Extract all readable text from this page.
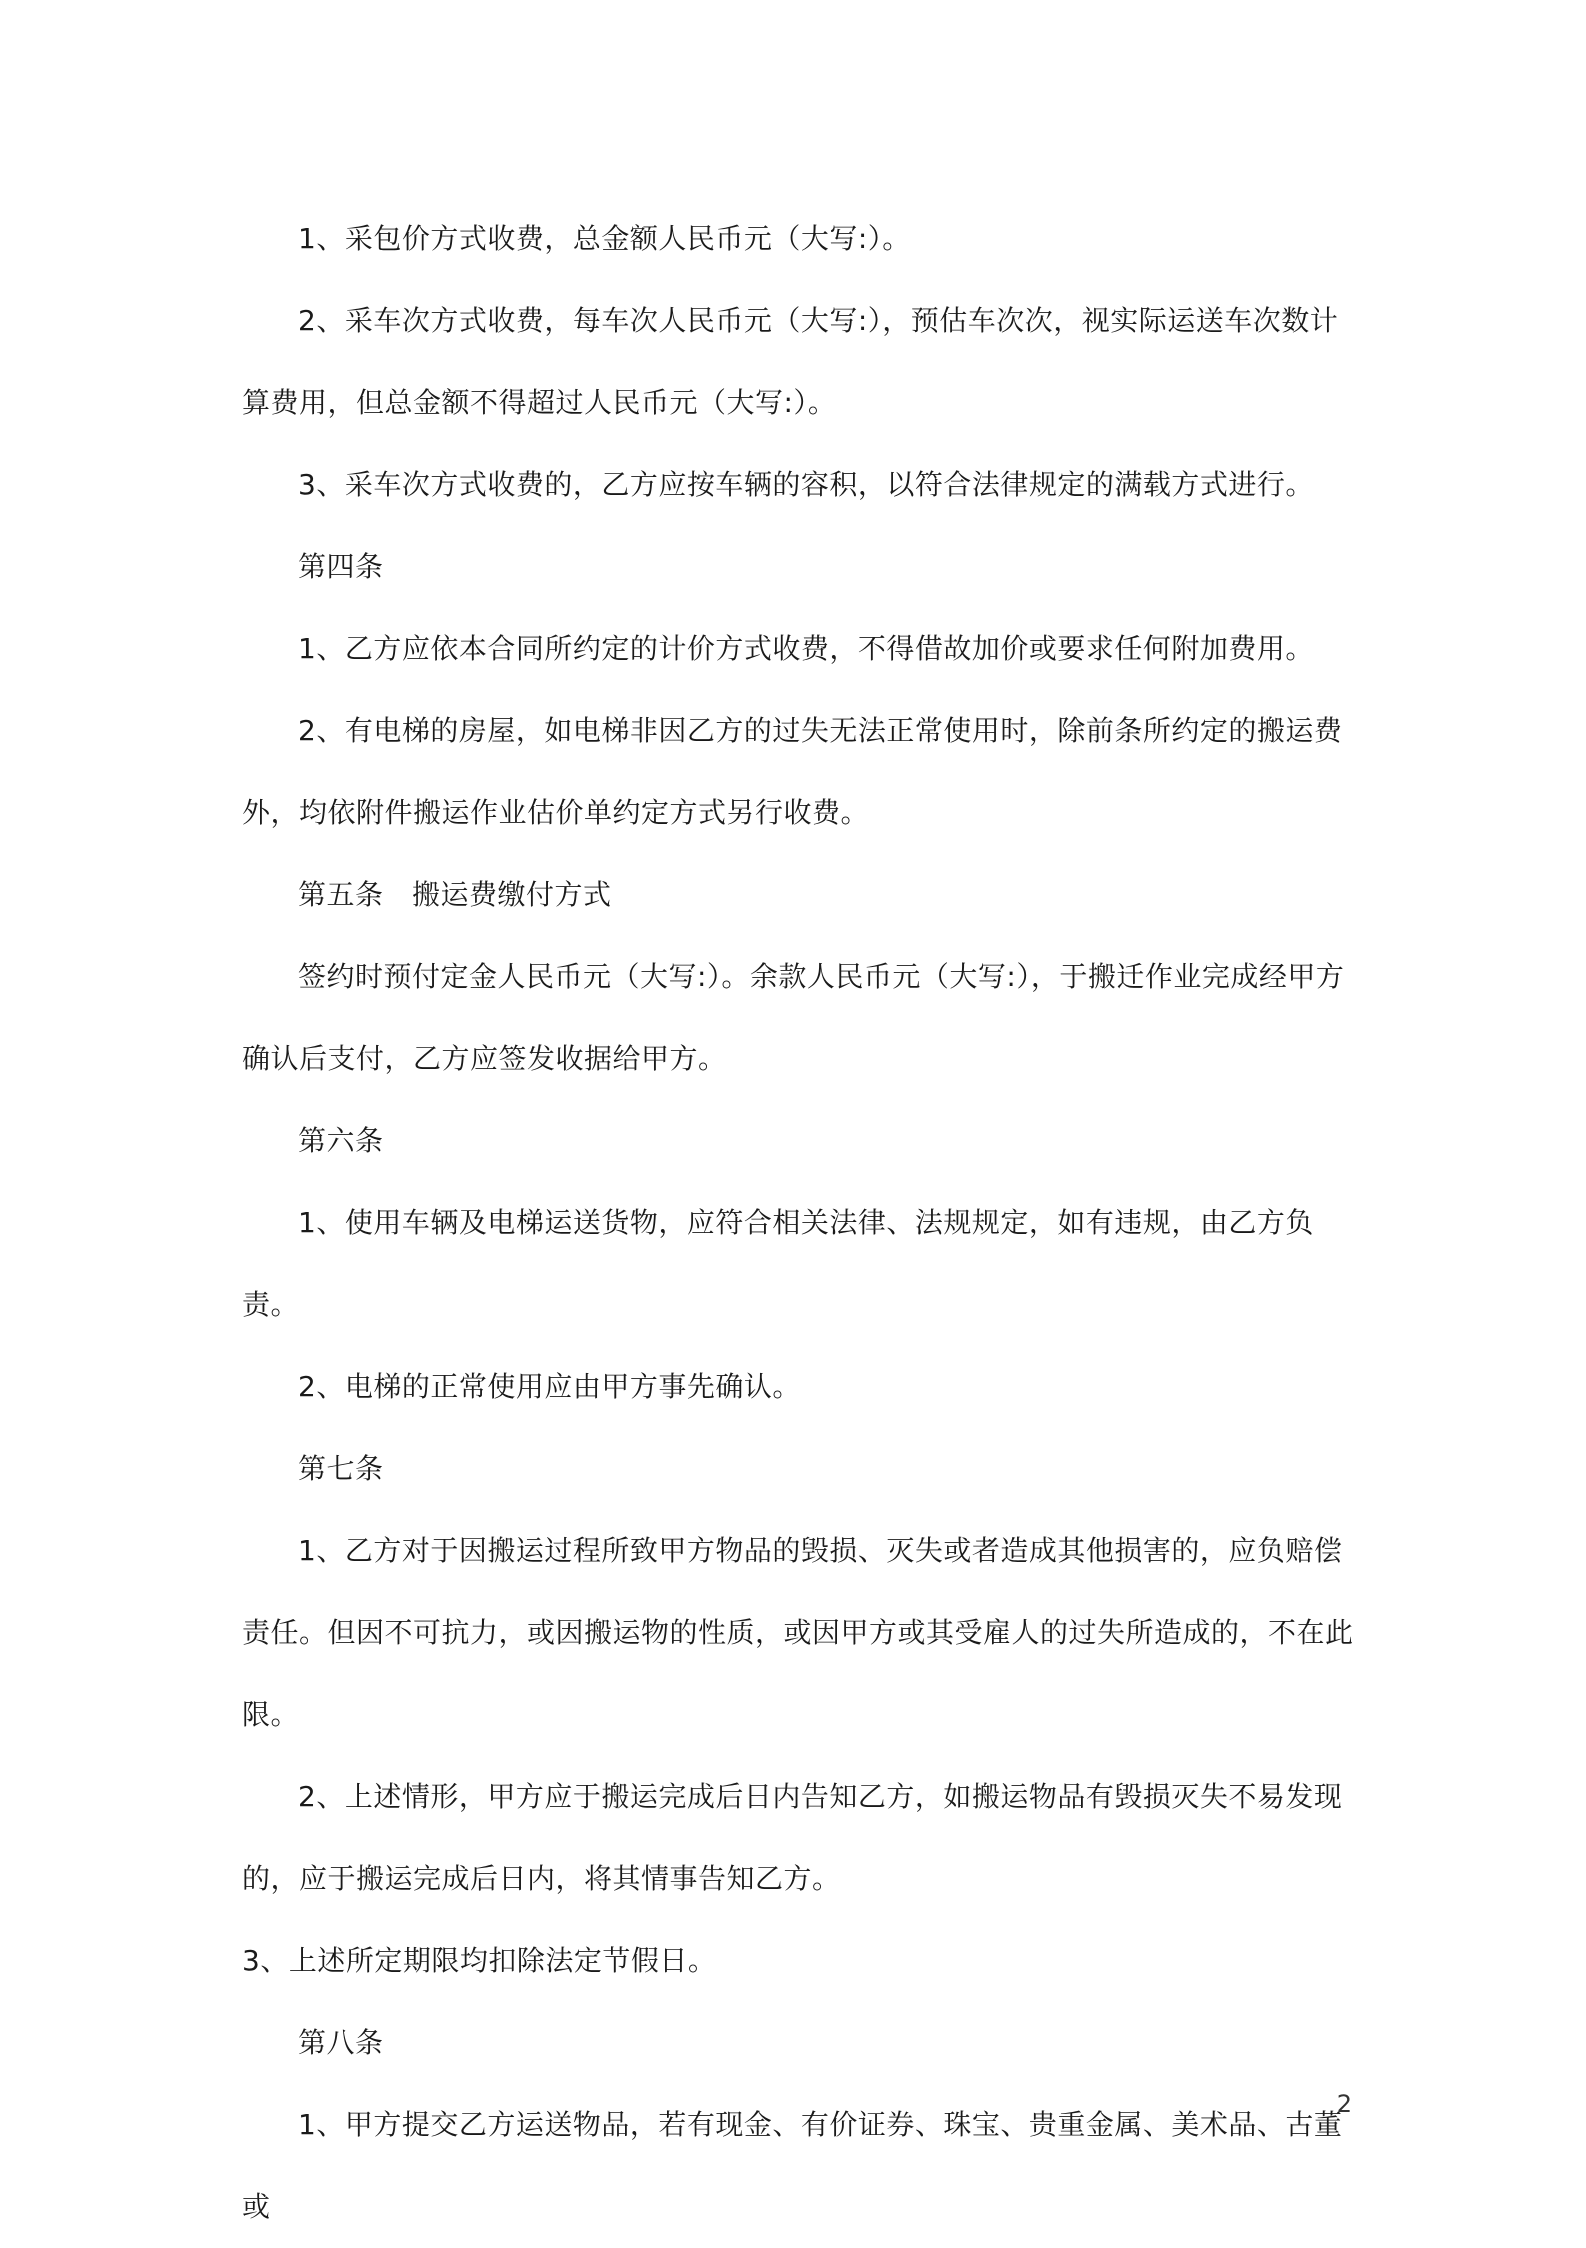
1、采包价方式收费，总金额人民币元（大写:）。

2、采车次方式收费，每车次人民币元（大写:），预估车次次，视实际运送车次数计算费用，但总金额不得超过人民币元（大写:）。

3、采车次方式收费的，乙方应按车辆的容积，以符合法律规定的满载方式进行。

第四条

1、乙方应依本合同所约定的计价方式收费，不得借故加价或要求任何附加费用。

2、有电梯的房屋，如电梯非因乙方的过失无法正常使用时，除前条所约定的搬运费外，均依附件搬运作业估价单约定方式另行收费。

第五条　搬运费缴付方式

签约时预付定金人民币元（大写:）。余款人民币元（大写:），于搬迁作业完成经甲方确认后支付，乙方应签发收据给甲方。

第六条

1、使用车辆及电梯运送货物，应符合相关法律、法规规定，如有违规，由乙方负责。

2、电梯的正常使用应由甲方事先确认。

第七条

1、乙方对于因搬运过程所致甲方物品的毁损、灭失或者造成其他损害的，应负赔偿责任。但因不可抗力，或因搬运物的性质，或因甲方或其受雇人的过失所造成的，不在此限。

2、上述情形，甲方应于搬运完成后日内告知乙方，如搬运物品有毁损灭失不易发现的，应于搬运完成后日内，将其情事告知乙方。

3、上述所定期限均扣除法定节假日。

第八条

1、甲方提交乙方运送物品，若有现金、有价证券、珠宝、贵重金属、美术品、古董或

2
